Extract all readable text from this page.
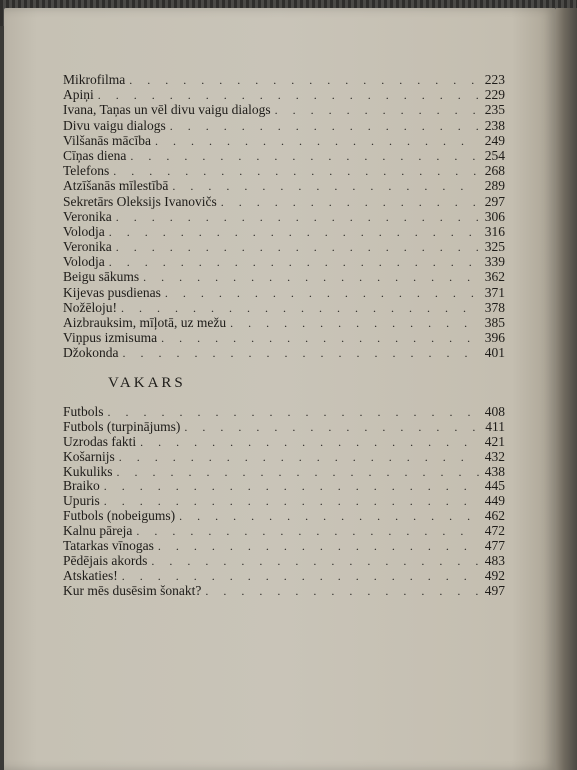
Mikrofilma . . .	223
Apiņi . . .	229
Ivana, Taņas un vēl divu vaigu dialogs . . .	235
Divu vaigu dialogs . . .	238
Vilšanās mācība . . .	249
Cīņas diena . . .	254
Telefons . . .	268
Atzīšanās mīlestībā . . .	289
Sekretārs Oleksijs Ivanovičs . . .	297
Veronika . . .	306
Volodja . . .	316
Veronika . . .	325
Volodja . . .	339
Beigu sākums . . .	362
Kijevas pusdienas . . .	371
Nožēloju! . . .	378
Aizbrauksim, mīļotā, uz mežu . . .	385
Viņpus izmisuma . . .	396
Džokonda . . .	401
VAKARS
Futbols . . .	408
Futbols (turpinājums) . . .	411
Uzrodas fakti . . .	421
Košarnijs . . .	432
Kukuliks . . .	438
Braiko . . .	445
Upuris . . .	449
Futbols (nobeigums) . . .	462
Kalnu pāreja . . .	472
Tatarkas vīnogas . . .	477
Pēdējais akords . . .	483
Atskaties! . . .	492
Kur mēs dusēsim šonakt? . . .	497
